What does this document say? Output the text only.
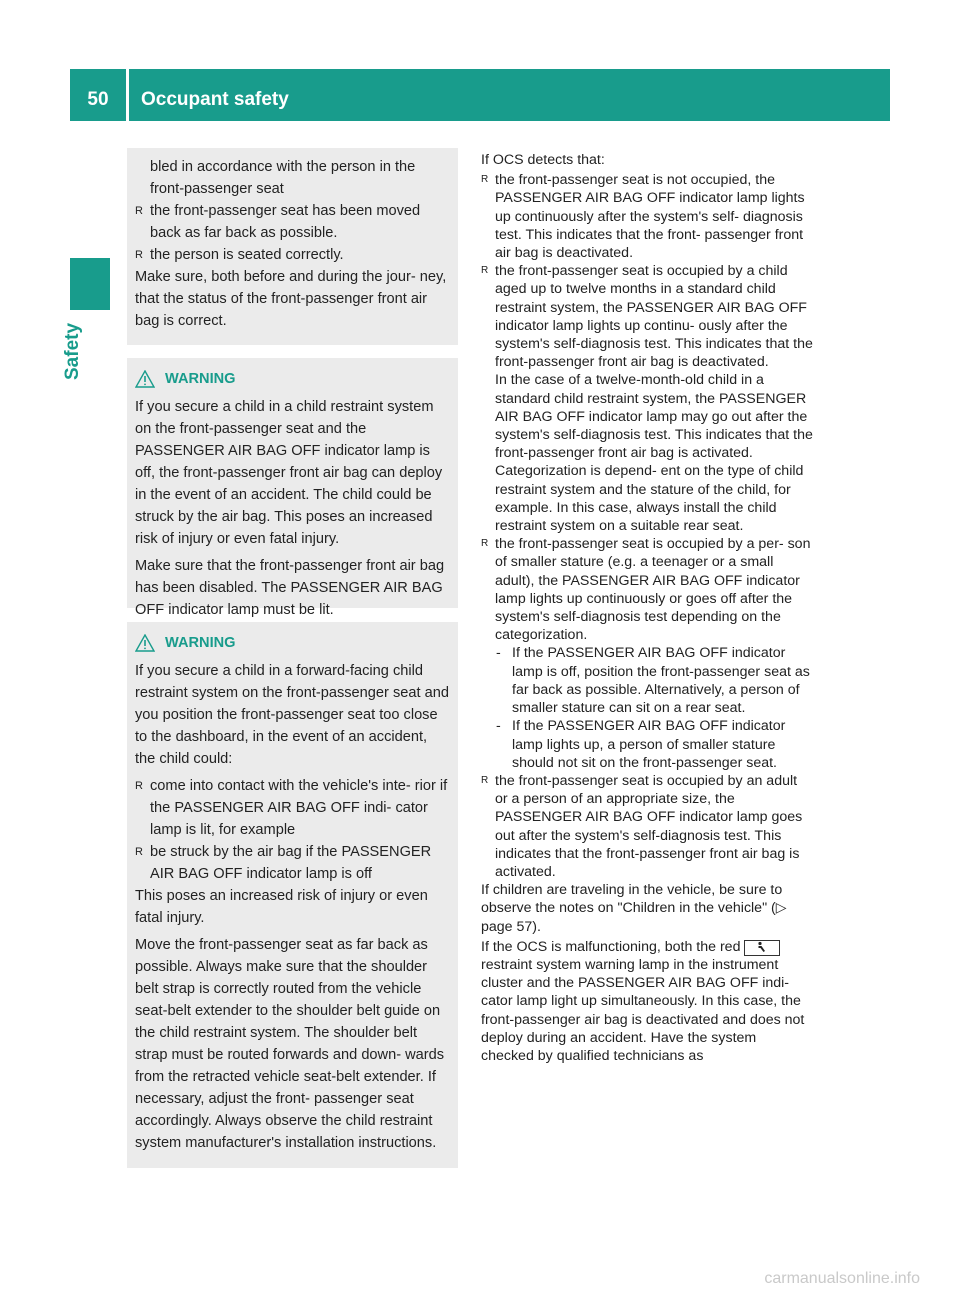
50	Occupant safety
Safety
bled in accordance with the person in the
front-passenger seat
R the front-passenger seat has been moved back as far back as possible.
R the person is seated correctly.

Make sure, both before and during the jour- ney, that the status of the front-passenger front air bag is correct.

WARNING

If you secure a child in a child restraint system on the front-passenger seat and the PASSENGER AIR BAG OFF indicator lamp is off, the front-passenger front air bag can deploy in the event of an accident. The child could be struck by the air bag. This poses an increased risk of injury or even fatal injury.

Make sure that the front-passenger front air bag has been disabled. The PASSENGER AIR BAG OFF indicator lamp must be lit.

WARNING

If you secure a child in a forward-facing child restraint system on the front-passenger seat and you position the front-passenger seat too close to the dashboard, in the event of an accident, the child could:

R come into contact with the vehicle's inte- rior if the PASSENGER AIR BAG OFF indi- cator lamp is lit, for example
R be struck by the air bag if the PASSENGER AIR BAG OFF indicator lamp is off

This poses an increased risk of injury or even fatal injury.

Move the front-passenger seat as far back as possible. Always make sure that the shoulder belt strap is correctly routed from the vehicle seat-belt extender to the shoulder belt guide on the child restraint system. The shoulder belt strap must be routed forwards and down- wards from the retracted vehicle seat-belt extender. If necessary, adjust the front- passenger seat accordingly. Always observe the child restraint system manufacturer's installation instructions.

If OCS detects that:

R the front-passenger seat is not occupied, the PASSENGER AIR BAG OFF indicator lamp lights up continuously after the system's self- diagnosis test. This indicates that the front- passenger front air bag is deactivated.
R the front-passenger seat is occupied by a child aged up to twelve months in a standard child restraint system, the PASSENGER AIR BAG OFF indicator lamp lights up continu- ously after the system's self-diagnosis test. This indicates that the front-passenger front air bag is deactivated.
In the case of a twelve-month-old child in a standard child restraint system, the PASSENGER AIR BAG OFF indicator lamp may go out after the system's self-diagnosis test. This indicates that the front-passenger front air bag is activated. Categorization is depend- ent on the type of child restraint system and the stature of the child, for example. In this case, always install the child restraint system on a suitable rear seat.
R the front-passenger seat is occupied by a per- son of smaller stature (e.g. a teenager or a small adult), the PASSENGER AIR BAG OFF indicator lamp lights up continuously or goes off after the system's self-diagnosis test depending on the categorization.
- If the PASSENGER AIR BAG OFF indicator lamp is off, position the front-passenger seat as far back as possible. Alternatively, a person of smaller stature can sit on a rear seat.
- If the PASSENGER AIR BAG OFF indicator lamp lights up, a person of smaller stature should not sit on the front-passenger seat.
R the front-passenger seat is occupied by an adult or a person of an appropriate size, the PASSENGER AIR BAG OFF indicator lamp goes out after the system's self-diagnosis test. This indicates that the front-passenger front air bag is activated.

If children are traveling in the vehicle, be sure to observe the notes on "Children in the vehicle" (▷ page 57).

If the OCS is malfunctioning, both the red  restraint system warning lamp in the instrument cluster and the PASSENGER AIR BAG OFF indi- cator lamp light up simultaneously. In this case, the front-passenger air bag is deactivated and does not deploy during an accident. Have the system checked by qualified technicians as

carmanualsonline.info
